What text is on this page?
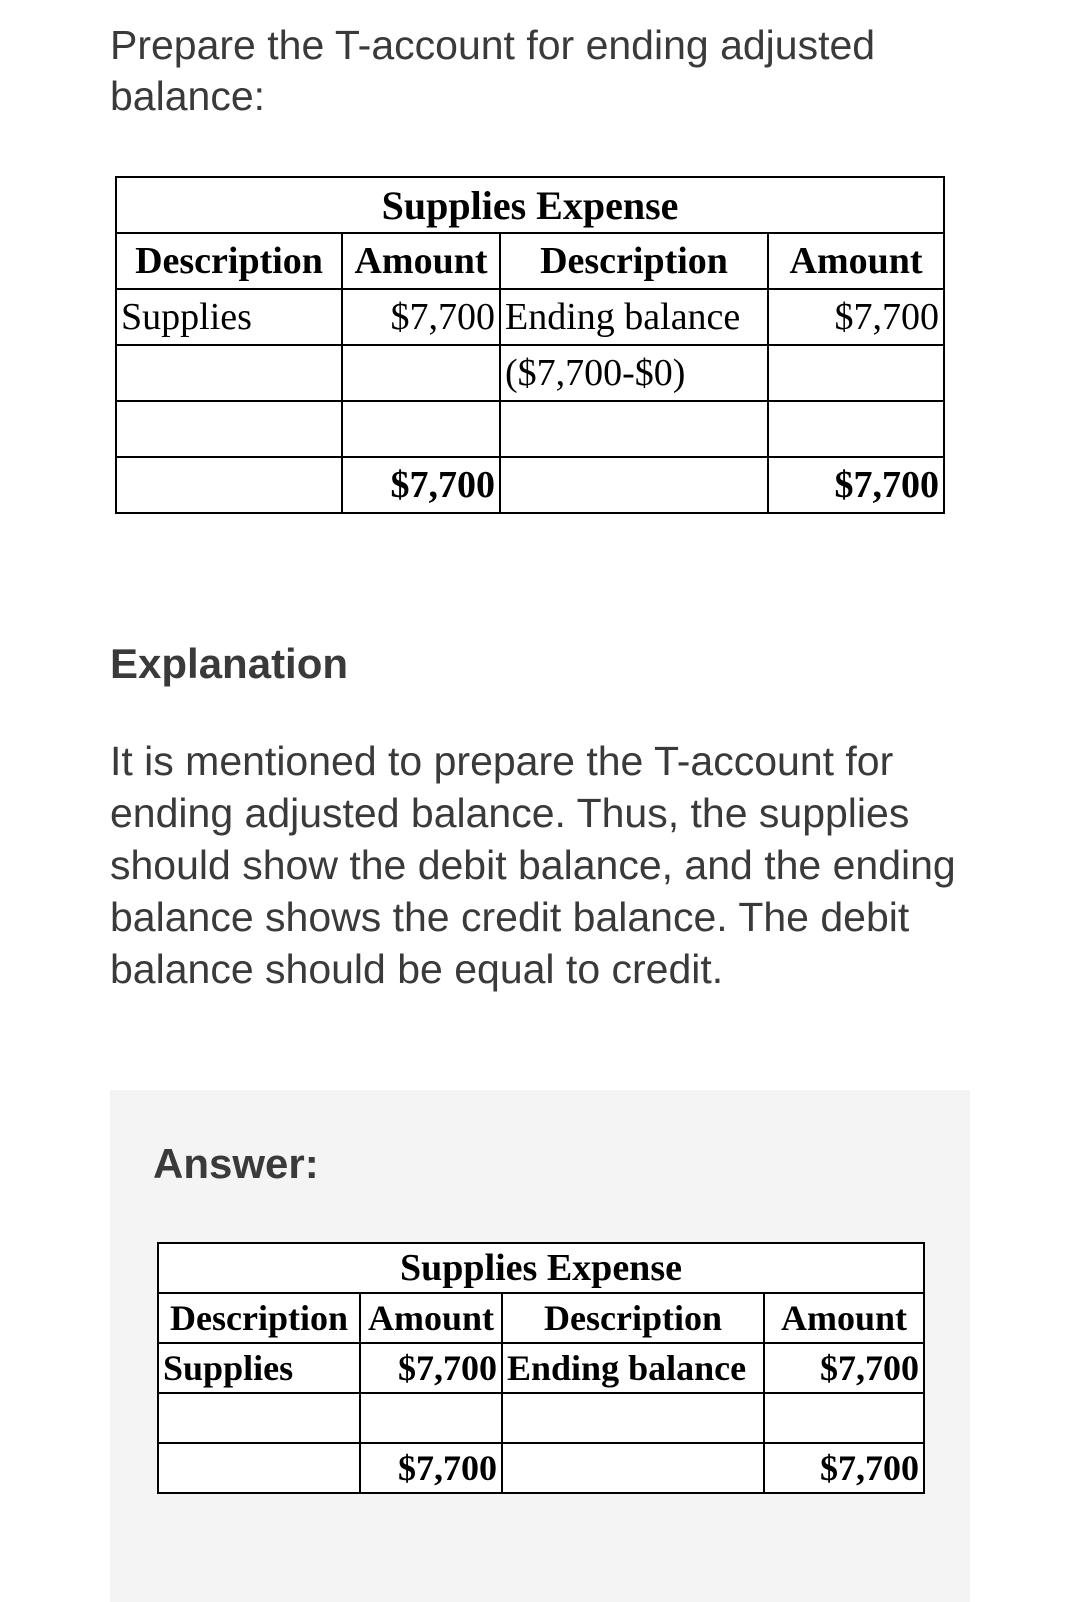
Prepare the T-account for ending adjusted balance:
Supplies Expense			
Description	Amount	Description	Amount
Supplies	$7,700	Ending balance	$7,700
		($7,700-$0)	

	$7,700		$7,700
Explanation

It is mentioned to prepare the T-account for ending adjusted balance. Thus, the supplies should show the debit balance, and the ending balance shows the credit balance. The debit balance should be equal to credit.

Answer:
Supplies Expense			
Description	Amount	Description	Amount
Supplies	$7,700	Ending balance	$7,700

	$7,700		$7,700
